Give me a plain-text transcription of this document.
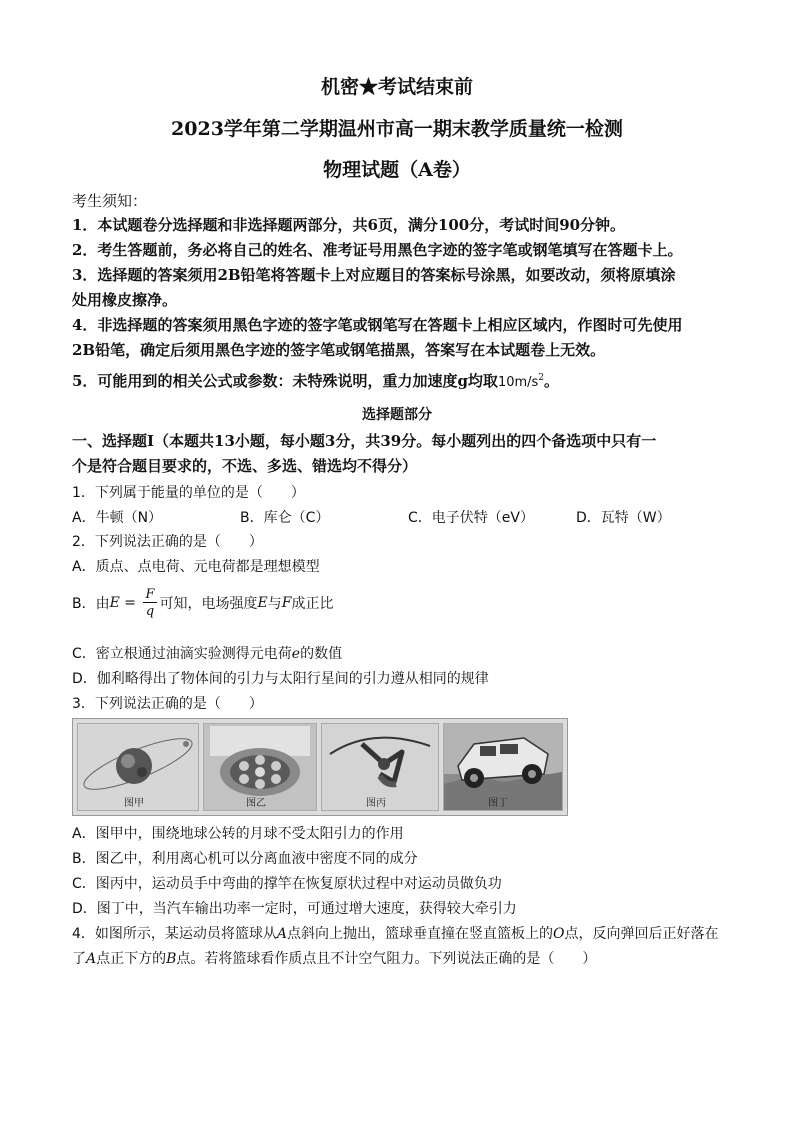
机密★考试结束前
2023学年第二学期温州市高一期末教学质量统一检测
物理试题（A卷）
考生须知：
1．本试题卷分选择题和非选择题两部分，共6页，满分100分，考试时间90分钟。
2．考生答题前，务必将自己的姓名、准考证号用黑色字迹的签字笔或钢笔填写在答题卡上。
3．选择题的答案须用2B铅笔将答题卡上对应题目的答案标号涂黑，如要改动，须将原填涂
处用橡皮擦净。
4．非选择题的答案须用黑色字迹的签字笔或钢笔写在答题卡上相应区域内，作图时可先使用
2B铅笔，确定后须用黑色字迹的签字笔或钢笔描黑，答案写在本试题卷上无效。
5．可能用到的相关公式或参数：未特殊说明，重力加速度g均取$10m/s^2$。
选择题部分
一、选择题Ⅰ（本题共13小题，每小题3分，共39分。每小题列出的四个备选项中只有一
个是符合题目要求的，不选、多选、错选均不得分）
1．下列属于能量的单位的是（　　）
A．牛顿（N）	B．库仑（C）	C．电子伏特（eV）	D．瓦特（W）
2．下列说法正确的是（　　）
A．质点、点电荷、元电荷都是理想模型
B．由 $E = \frac{F}{q}$ 可知，电场强度 E 与 F 成正比
C．密立根通过油滴实验测得元电荷e的数值
D．伽利略得出了物体间的引力与太阳行星间的引力遵从相同的规律
3．下列说法正确的是（　　）
图甲	图乙	图丙	图丁
A．图甲中，围绕地球公转的月球不受太阳引力的作用
B．图乙中，利用离心机可以分离血液中密度不同的成分
C．图丙中，运动员手中弯曲的撑竿在恢复原状过程中对运动员做负功
D．图丁中，当汽车输出功率一定时，可通过增大速度，获得较大牵引力
4．如图所示，某运动员将篮球从A点斜向上抛出，篮球垂直撞在竖直篮板上的O点，反向弹回后正好落在
了A点正下方的B点。若将篮球看作质点且不计空气阻力。下列说法正确的是（　　）
